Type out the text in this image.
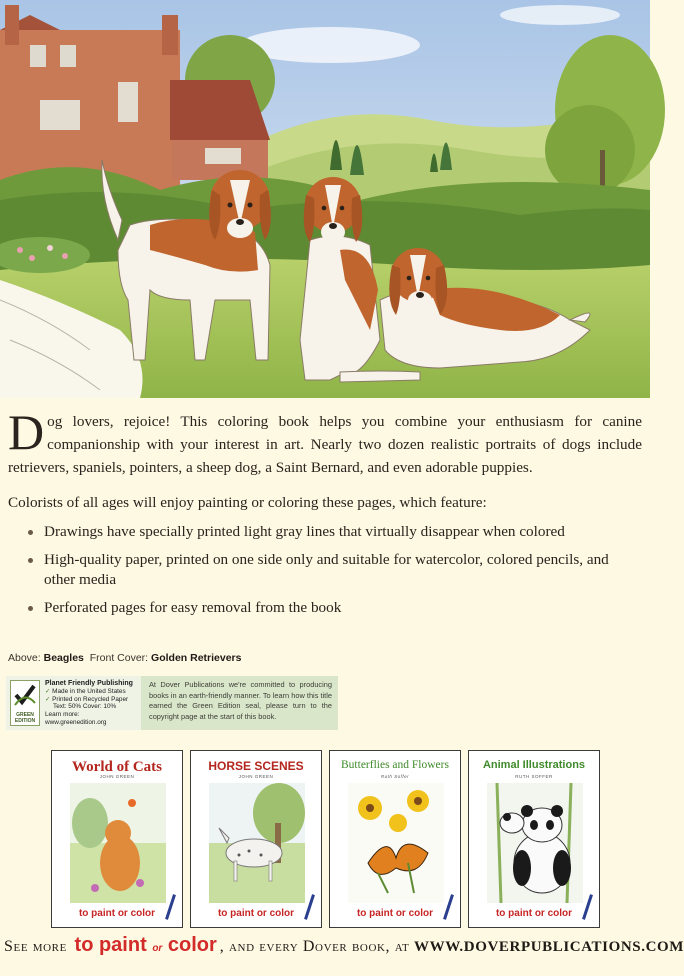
Dog lovers, rejoice! This coloring book helps you combine your enthusiasm for canine companionship with your interest in art. Nearly two dozen realistic portraits of dogs include retrievers, spaniels, pointers, a sheep dog, a Saint Bernard, and even adorable puppies.

Colorists of all ages will enjoy painting or coloring these pages, which feature:

Drawings have specially printed light gray lines that virtually disappear when colored
High-quality paper, printed on one side only and suitable for watercolor, colored pencils, and other media
Perforated pages for easy removal from the book
Above: Beagles Front Cover: Golden Retrievers
GREEN EDITION
Planet Friendly Publishing
✓ Made in the United States
✓ Printed on Recycled Paper
Text: 50% Cover: 10%
Learn more: www.greenedition.org
At Dover Publications we're committed to producing books in an earth-friendly manner. To learn how this title earned the Green Edition seal, please turn to the copyright page at the start of this book.
World of Cats
JOHN GREEN
to paint or color
HORSE SCENES
JOHN GREEN
to paint or color
Butterflies and Flowers
Ruth Soffer
to paint or color
Animal Illustrations
RUTH SOFFER
to paint or color
See more
to paint or color , and every Dover book, at
WWW.DOVERPUBLICATIONS.COM
